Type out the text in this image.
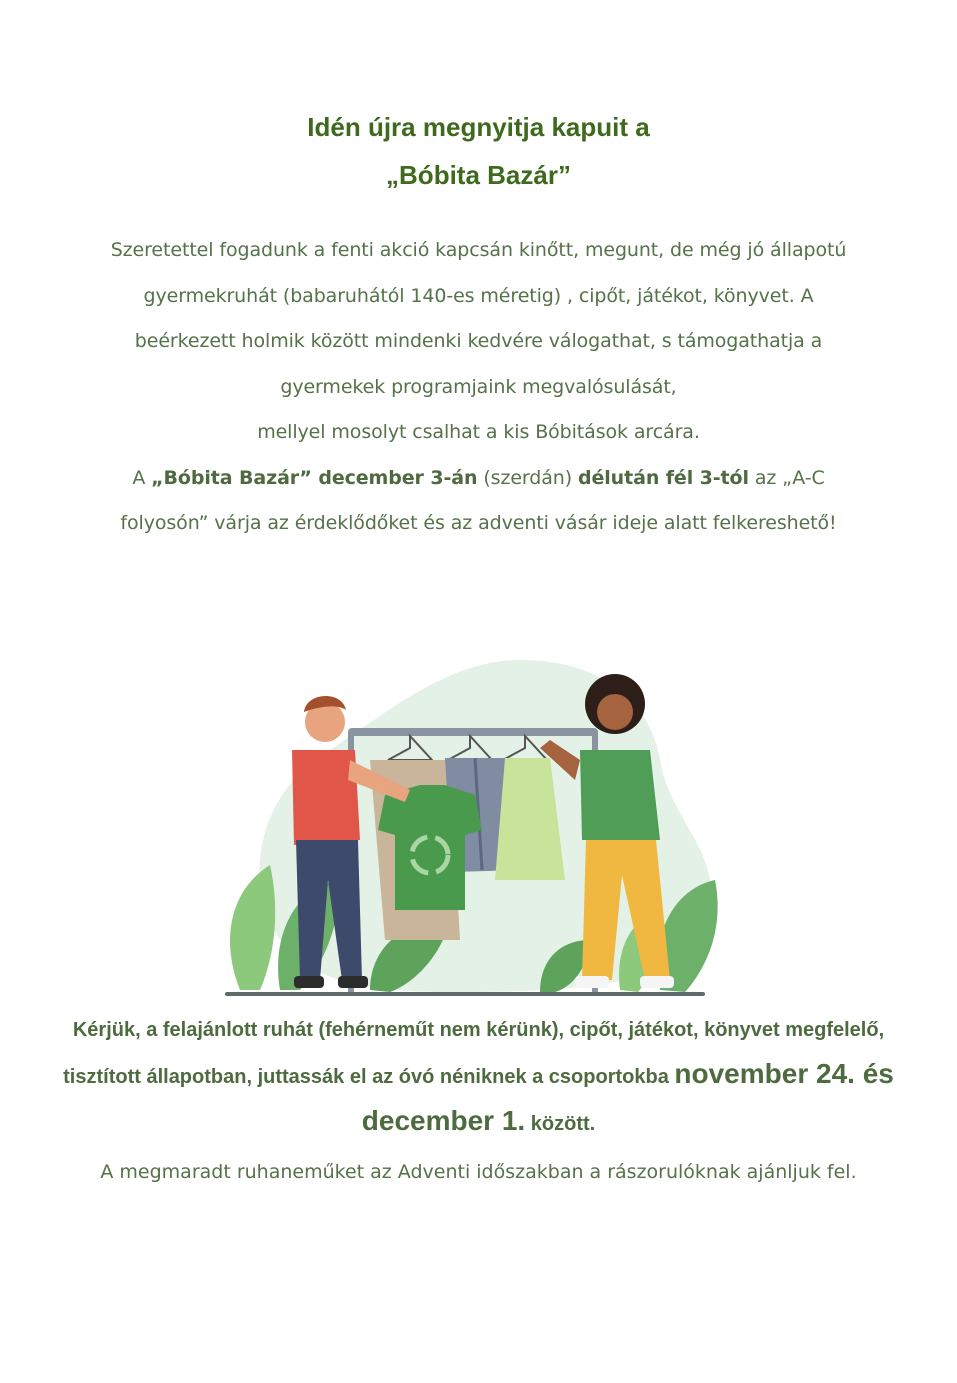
Idén újra megnyitja kapuit a
„Bóbita Bazár”
Szeretettel fogadunk a fenti akció kapcsán kinőtt, megunt, de még jó állapotú gyermekruhát (babaruhától 140-es méretig) , cipőt, játékot, könyvet. A beérkezett holmik között mindenki kedvére válogathat, s támogathatja a gyermekek programjaink megvalósulását,
mellyel mosolyt csalhat a kis Bóbitások arcára.
A „Bóbita Bazár” december 3-án (szerdán) délután fél 3-tól az „A-C folyosón” várja az érdeklődőket és az adventi vásár ideje alatt felkereshető!
Kérjük, a felajánlott ruhát (fehérneműt nem kérünk), cipőt, játékot, könyvet megfelelő, tisztított állapotban, juttassák el az óvó néniknek a csoportokba november 24. és december 1. között.
A megmaradt ruhaneműket az Adventi időszakban a rászorulóknak ajánljuk fel.
